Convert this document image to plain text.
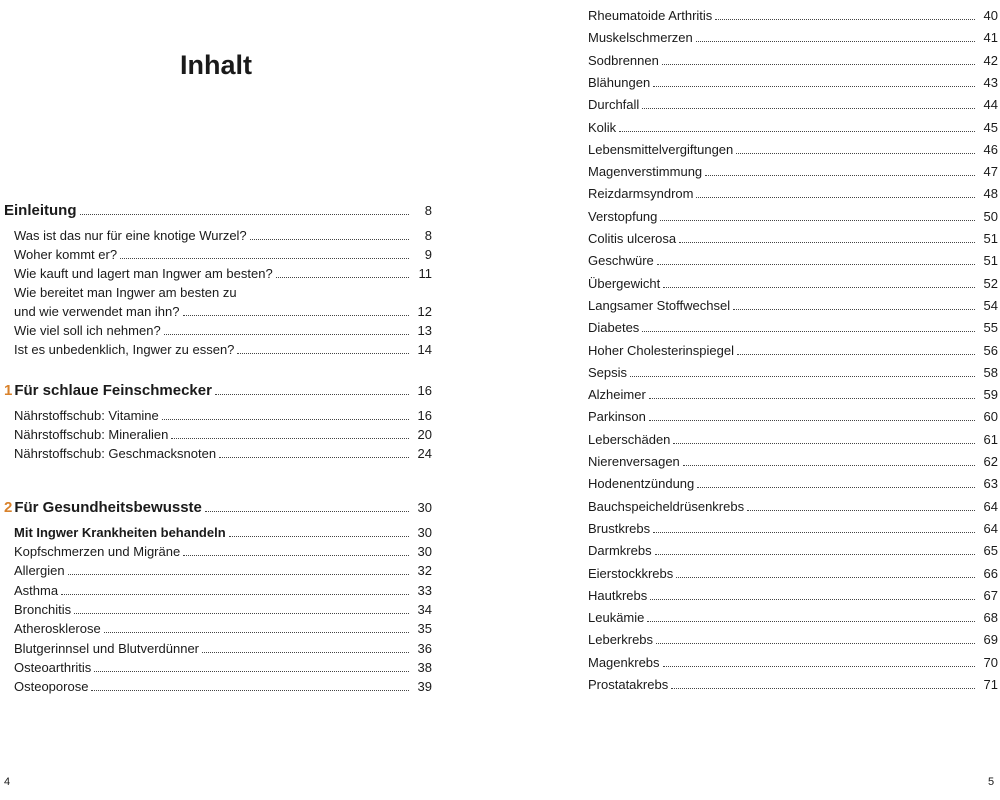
Inhalt
Einleitung	8
Was ist das nur für eine knotige Wurzel?	8
Woher kommt er?	9
Wie kauft und lagert man Ingwer am besten?	11
Wie bereitet man Ingwer am besten zu
und wie verwendet man ihn?	12
Wie viel soll ich nehmen?	13
Ist es unbedenklich, Ingwer zu essen?	14
1 Für schlaue Feinschmecker	16
Nährstoffschub: Vitamine	16
Nährstoffschub: Mineralien	20
Nährstoffschub: Geschmacksnoten	24
2 Für Gesundheitsbewusste	30
Mit Ingwer Krankheiten behandeln	30
Kopfschmerzen und Migräne	30
Allergien	32
Asthma	33
Bronchitis	34
Atherosklerose	35
Blutgerinnsel und Blutverdünner	36
Osteoarthritis	38
Osteoporose	39
4
Rheumatoide Arthritis	40
Muskelschmerzen	41
Sodbrennen	42
Blähungen	43
Durchfall	44
Kolik	45
Lebensmittelvergiftungen	46
Magenverstimmung	47
Reizdarmsyndrom	48
Verstopfung	50
Colitis ulcerosa	51
Geschwüre	51
Übergewicht	52
Langsamer Stoffwechsel	54
Diabetes	55
Hoher Cholesterinspiegel	56
Sepsis	58
Alzheimer	59
Parkinson	60
Leberschäden	61
Nierenversagen	62
Hodenentzündung	63
Bauchspeicheldrüsenkrebs	64
Brustkrebs	64
Darmkrebs	65
Eierstockkrebs	66
Hautkrebs	67
Leukämie	68
Leberkrebs	69
Magenkrebs	70
Prostatakrebs	71
5
